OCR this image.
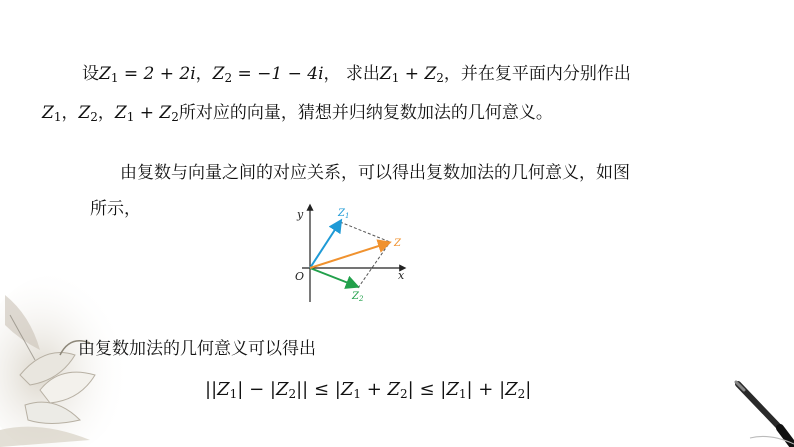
设$Z_1 = 2 + 2i$，$Z_2 = -1 - 4i$， 求出$Z_1 + Z_2$，并在复平面内分别作出
$Z_1$，$Z_2$，$Z_1 + Z_2$所对应的向量，猜想并归纳复数加法的几何意义。
由复数与向量之间的对应关系，可以得出复数加法的几何意义，如图
所示，	y
x
O
$Z_1$
$Z_2$
Z
由复数加法的几何意义可以得出
$||Z_1| - |Z_2|| \le |Z_1 + Z_2| \le |Z_1| + |Z_2|$
